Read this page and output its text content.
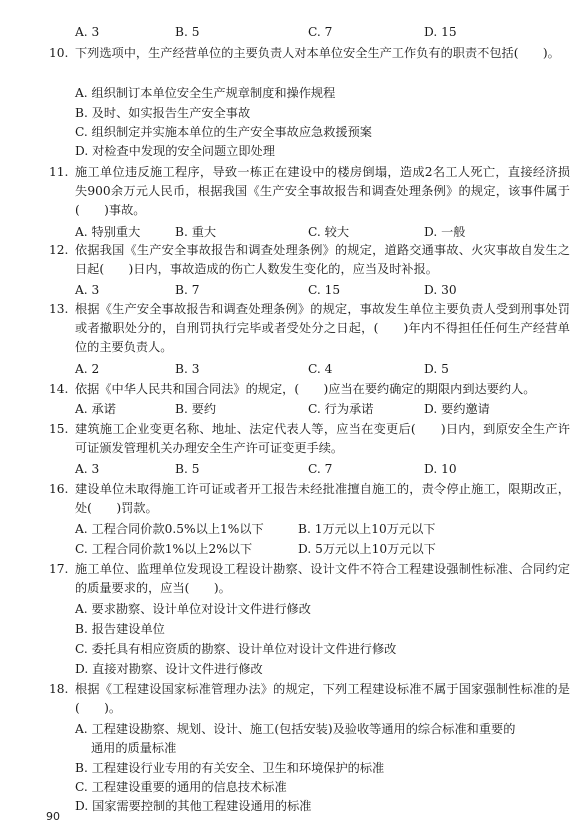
A. 3	B. 5	C. 7	D. 15
10. 下列选项中，生产经营单位的主要负责人对本单位安全生产工作负有的职责不包括(　　)。
A. 组织制订本单位安全生产规章制度和操作规程
B. 及时、如实报告生产安全事故
C. 组织制定并实施本单位的生产安全事故应急救援预案
D. 对检查中发现的安全问题立即处理
11. 施工单位违反施工程序，导致一栋正在建设中的楼房倒塌，造成2名工人死亡，直接经济损失900余万元人民币，根据我国《生产安全事故报告和调查处理条例》的规定，该事件属于(　　)事故。
A. 特别重大	B. 重大	C. 较大	D. 一般
12. 依据我国《生产安全事故报告和调查处理条例》的规定，道路交通事故、火灾事故自发生之日起(　　)日内，事故造成的伤亡人数发生变化的，应当及时补报。
A. 3	B. 7	C. 15	D. 30
13. 根据《生产安全事故报告和调查处理条例》的规定，事故发生单位主要负责人受到刑事处罚或者撤职处分的，自刑罚执行完毕或者受处分之日起，(　　)年内不得担任任何生产经营单位的主要负责人。
A. 2	B. 3	C. 4	D. 5
14. 依据《中华人民共和国合同法》的规定，(　　)应当在要约确定的期限内到达要约人。
A. 承诺	B. 要约	C. 行为承诺	D. 要约邀请
15. 建筑施工企业变更名称、地址、法定代表人等，应当在变更后(　　)日内，到原安全生产许可证颁发管理机关办理安全生产许可证变更手续。
A. 3	B. 5	C. 7	D. 10
16. 建设单位未取得施工许可证或者开工报告未经批准擅自施工的，责令停止施工，限期改正，处(　　)罚款。
A. 工程合同价款0.5%以上1%以下	B. 1万元以上10万元以下
C. 工程合同价款1%以上2%以下	D. 5万元以上10万元以下
17. 施工单位、监理单位发现设工程设计勘察、设计文件不符合工程建设强制性标准、合同约定的质量要求的，应当(　　)。
A. 要求勘察、设计单位对设计文件进行修改
B. 报告建设单位
C. 委托具有相应资质的勘察、设计单位对设计文件进行修改
D. 直接对勘察、设计文件进行修改
18. 根据《工程建设国家标准管理办法》的规定，下列工程建设标准不属于国家强制性标准的是(　　)。
A. 工程建设勘察、规划、设计、施工(包括安装)及验收等通用的综合标准和重要的
通用的质量标准
B. 工程建设行业专用的有关安全、卫生和环境保护的标准
C. 工程建设重要的通用的信息技术标准
D. 国家需要控制的其他工程建设通用的标准
90
